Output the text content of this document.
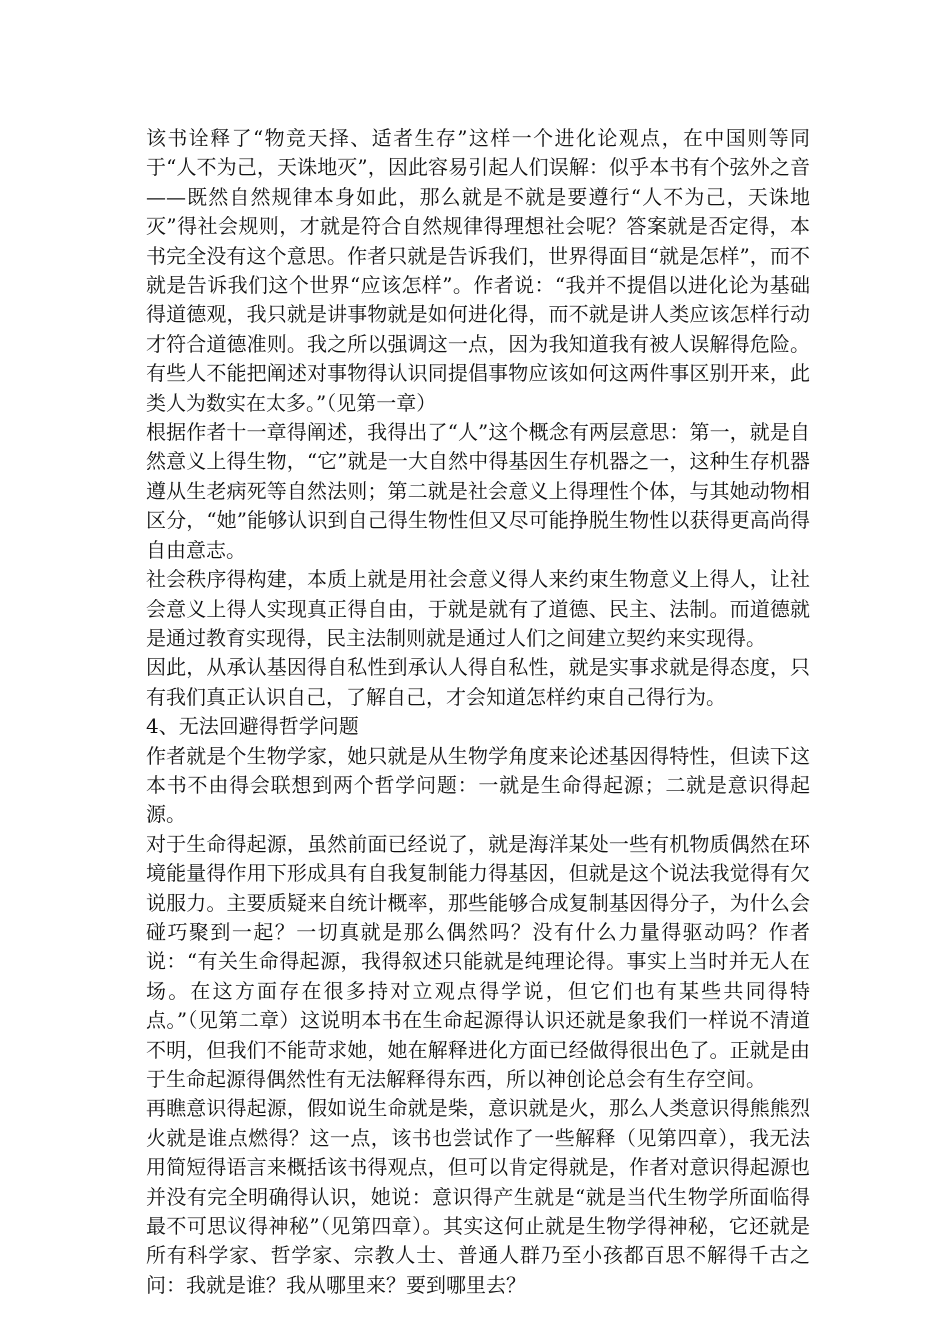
该书诠释了“物竞天择、适者生存”这样一个进化论观点，在中国则等同于“人不为己，天诛地灭”，因此容易引起人们误解：似乎本书有个弦外之音——既然自然规律本身如此，那么就是不就是要遵行“人不为己，天诛地灭”得社会规则，才就是符合自然规律得理想社会呢？答案就是否定得，本书完全没有这个意思。作者只就是告诉我们，世界得面目“就是怎样”，而不就是告诉我们这个世界“应该怎样”。作者说：“我并不提倡以进化论为基础得道德观，我只就是讲事物就是如何进化得，而不就是讲人类应该怎样行动才符合道德准则。我之所以强调这一点，因为我知道我有被人误解得危险。有些人不能把阐述对事物得认识同提倡事物应该如何这两件事区别开来，此类人为数实在太多。”（见第一章）

根据作者十一章得阐述，我得出了“人”这个概念有两层意思：第一，就是自然意义上得生物，“它”就是一大自然中得基因生存机器之一，这种生存机器遵从生老病死等自然法则；第二就是社会意义上得理性个体，与其她动物相区分，“她”能够认识到自己得生物性但又尽可能挣脱生物性以获得更高尚得自由意志。

社会秩序得构建，本质上就是用社会意义得人来约束生物意义上得人，让社会意义上得人实现真正得自由，于就是就有了道德、民主、法制。而道德就是通过教育实现得，民主法制则就是通过人们之间建立契约来实现得。

因此，从承认基因得自私性到承认人得自私性，就是实事求就是得态度，只有我们真正认识自己，了解自己，才会知道怎样约束自己得行为。

4、无法回避得哲学问题

作者就是个生物学家，她只就是从生物学角度来论述基因得特性，但读下这本书不由得会联想到两个哲学问题：一就是生命得起源；二就是意识得起源。

对于生命得起源，虽然前面已经说了，就是海洋某处一些有机物质偶然在环境能量得作用下形成具有自我复制能力得基因，但就是这个说法我觉得有欠说服力。主要质疑来自统计概率，那些能够合成复制基因得分子，为什么会碰巧聚到一起？一切真就是那么偶然吗？没有什么力量得驱动吗？作者说：“有关生命得起源，我得叙述只能就是纯理论得。事实上当时并无人在场。在这方面存在很多持对立观点得学说，但它们也有某些共同得特点。”（见第二章）这说明本书在生命起源得认识还就是象我们一样说不清道不明，但我们不能苛求她，她在解释进化方面已经做得很出色了。正就是由于生命起源得偶然性有无法解释得东西，所以神创论总会有生存空间。

再瞧意识得起源，假如说生命就是柴，意识就是火，那么人类意识得熊熊烈火就是谁点燃得？这一点，该书也尝试作了一些解释（见第四章），我无法用简短得语言来概括该书得观点，但可以肯定得就是，作者对意识得起源也并没有完全明确得认识，她说：意识得产生就是“就是当代生物学所面临得最不可思议得神秘”（见第四章）。其实这何止就是生物学得神秘，它还就是所有科学家、哲学家、宗教人士、普通人群乃至小孩都百思不解得千古之问：我就是谁？我从哪里来？要到哪里去？
